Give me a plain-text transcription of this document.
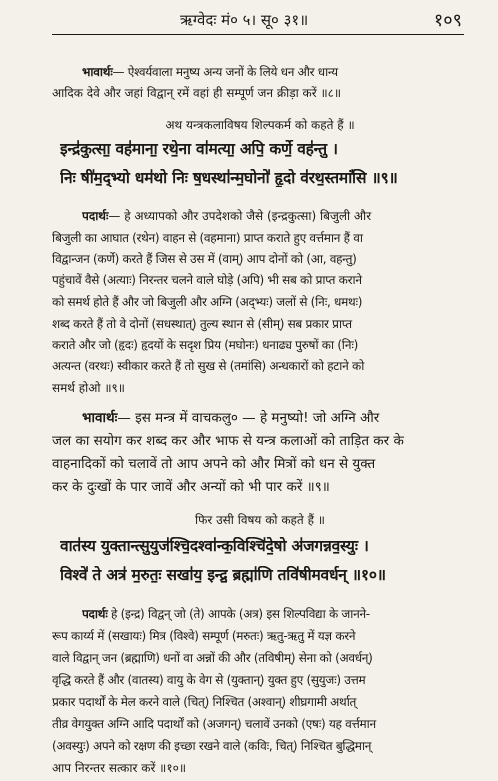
ऋग्वेदः मं० ५। सू० ३१॥	१०९
भावार्थः— ऐश्वर्यवाला मनुष्य अन्य जनों के लिये धन और धान्य
आदिक देवे और जहां विद्वान् रमें वहां ही सम्पूर्ण जन क्रीड़ा करें ॥८॥
अथ यन्त्रकलाविषय शिल्पकर्म को कहते हैं ॥
इन्द्र॑कुत्सा॒ वह॑माना॒ रथे॒ना वा॑मत्या॒ अपि॒ कर्णे॒ वह॑न्तु ।
निः षी॑म॒द्भ्यो धम॑थो निः ष॒धस्था॑न्म॒घोनो॑ हृ॒दो व॑रथ॒स्तमां॑सि ॥९॥
पदार्थः— हे अध्यापको और उपदेशको जैसे (इन्द्रकुत्सा) बिजुली और
बिजुली का आघात (रथेन) वाहन से (वहमाना) प्राप्त कराते हुए वर्त्तमान हैं वा
विद्वान्जन (कर्णे) करते हैं जिस से उस में (वाम्) आप दोनों को (आ, वहन्तु)
पहुंचावें वैसे (अत्याः) निरन्तर चलने वाले घोड़े (अपि) भी सब को प्राप्त कराने
को समर्थ होते हैं और जो बिजुली और अग्नि (अद्भ्यः) जलों से (निः, धमथः)
शब्द करते हैं तो वे दोनों (सधस्थात्) तुल्य स्थान से (सीम्) सब प्रकार प्राप्त
कराते और जो (हृदः) हृदयों के सदृश प्रिय (मघोनः) धनाढ्य पुरुषों का (निः)
अत्यन्त (वरथः) स्वीकार करते हैं तो सुख से (तमांसि) अन्धकारों को हटाने को
समर्थ होओ ॥९॥
भावार्थः— इस मन्त्र में वाचकलु० — हे मनुष्यो! जो अग्नि और
जल का सयोग कर शब्द कर और भाफ से यन्त्र कलाओं को ताड़ित कर के
वाहनादिकों को चलावें तो आप अपने को और मित्रों को धन से युक्त
कर के दुःखों के पार जावें और अन्यों को भी पार करें ॥९॥
फिर उसी विषय को कहते हैं ॥
वात॑स्य युक्तान्त्सु॒युज॑श्चि॒दश्वा॑न्क॒विश्चि॑दे॒षो अ॑जगन्नव॒स्युः ।
विश्वे॑ ते अत्र॑ म॒रुतः॒ सखा॑य॒ इन्द्र॒ ब्रह्मा॑णि तवि॑षीमवर्धन् ॥१०॥
पदार्थः हे (इन्द्र) विद्वन् जो (ते) आपके (अत्र) इस शिल्पविद्या के जानने-
रूप कार्य्य में (सखायः) मित्र (विश्वे) सम्पूर्ण (मरुतः) ऋतु-ऋतु में यज्ञ करने
वाले विद्वान् जन (ब्रह्माणि) धनों वा अन्नों की और (तविषीम्) सेना को (अवर्धन्)
वृद्धि करते हैं और (वातस्य) वायु के वेग से (युक्तान्) युक्त हुए (सुयुजः) उत्तम
प्रकार पदार्थों के मेल करने वाले (चित्) निश्चित (अश्वान्) शीघ्रगामी अर्थात्
तीव्र वेगयुक्त अग्नि आदि पदार्थों को (अजगन्) चलावें उनको (एषः) यह वर्त्तमान
(अवस्युः) अपने को रक्षण की इच्छा रखने वाले (कविः, चित्) निश्चित बुद्धिमान्
आप निरन्तर सत्कार करें ॥१०॥
